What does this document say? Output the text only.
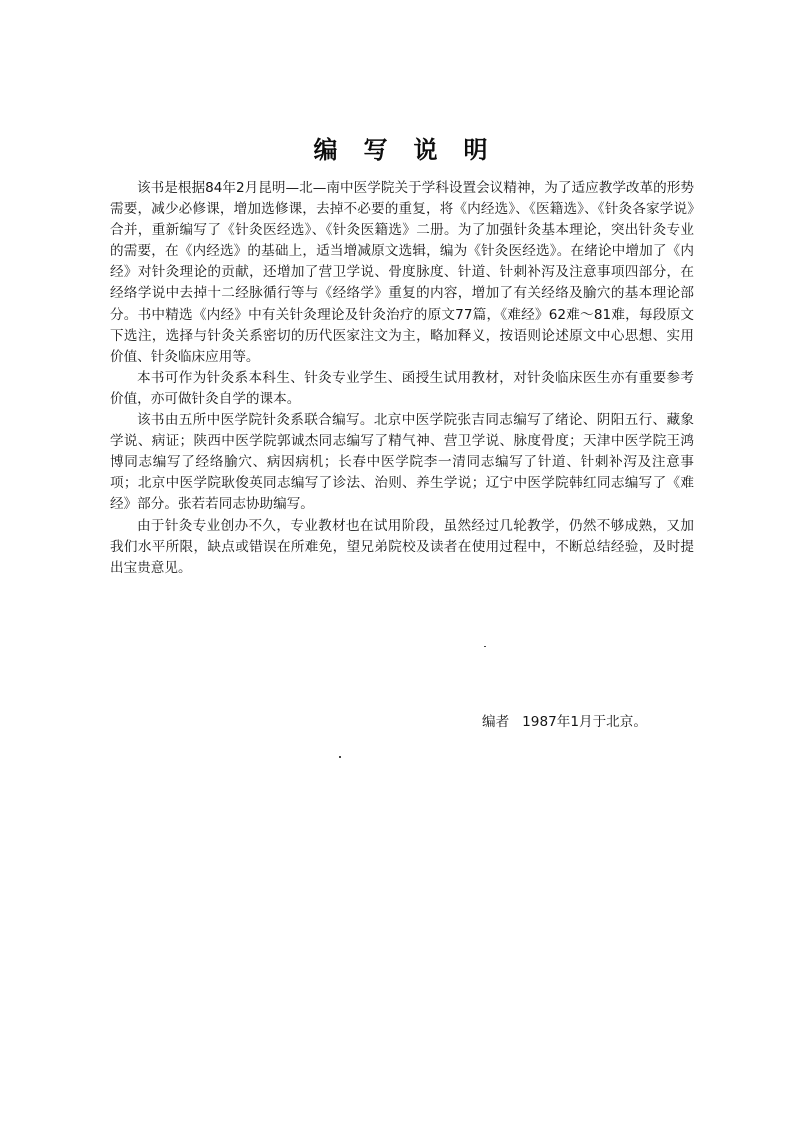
编写说明

该书是根据84年2月昆明—北—南中医学院关于学科设置会议精神，为了适应教学改革的形势需要，减少必修课，增加选修课，去掉不必要的重复，将《内经选》、《医籍选》、《针灸各家学说》合并，重新编写了《针灸医经选》、《针灸医籍选》二册。为了加强针灸基本理论，突出针灸专业的需要，在《内经选》的基础上，适当增减原文选辑，编为《针灸医经选》。在绪论中增加了《内经》对针灸理论的贡献，还增加了营卫学说、骨度脉度、针道、针刺补泻及注意事项四部分，在经络学说中去掉十二经脉循行等与《经络学》重复的内容，增加了有关经络及腧穴的基本理论部分。书中精选《内经》中有关针灸理论及针灸治疗的原文77篇，《难经》62难～81难，每段原文下选注，选择与针灸关系密切的历代医家注文为主，略加释义，按语则论述原文中心思想、实用价值、针灸临床应用等。

本书可作为针灸系本科生、针灸专业学生、函授生试用教材，对针灸临床医生亦有重要参考价值，亦可做针灸自学的课本。

该书由五所中医学院针灸系联合编写。北京中医学院张吉同志编写了绪论、阴阳五行、藏象学说、病证；陕西中医学院郭诚杰同志编写了精气神、营卫学说、脉度骨度；天津中医学院王鸿博同志编写了经络腧穴、病因病机；长春中医学院李一清同志编写了针道、针刺补泻及注意事项；北京中医学院耿俊英同志编写了诊法、治则、养生学说；辽宁中医学院韩红同志编写了《难经》部分。张若若同志协助编写。

由于针灸专业创办不久，专业教材也在试用阶段，虽然经过几轮教学，仍然不够成熟，又加我们水平所限，缺点或错误在所难免，望兄弟院校及读者在使用过程中，不断总结经验，及时提出宝贵意见。

编者 1987年1月于北京。
